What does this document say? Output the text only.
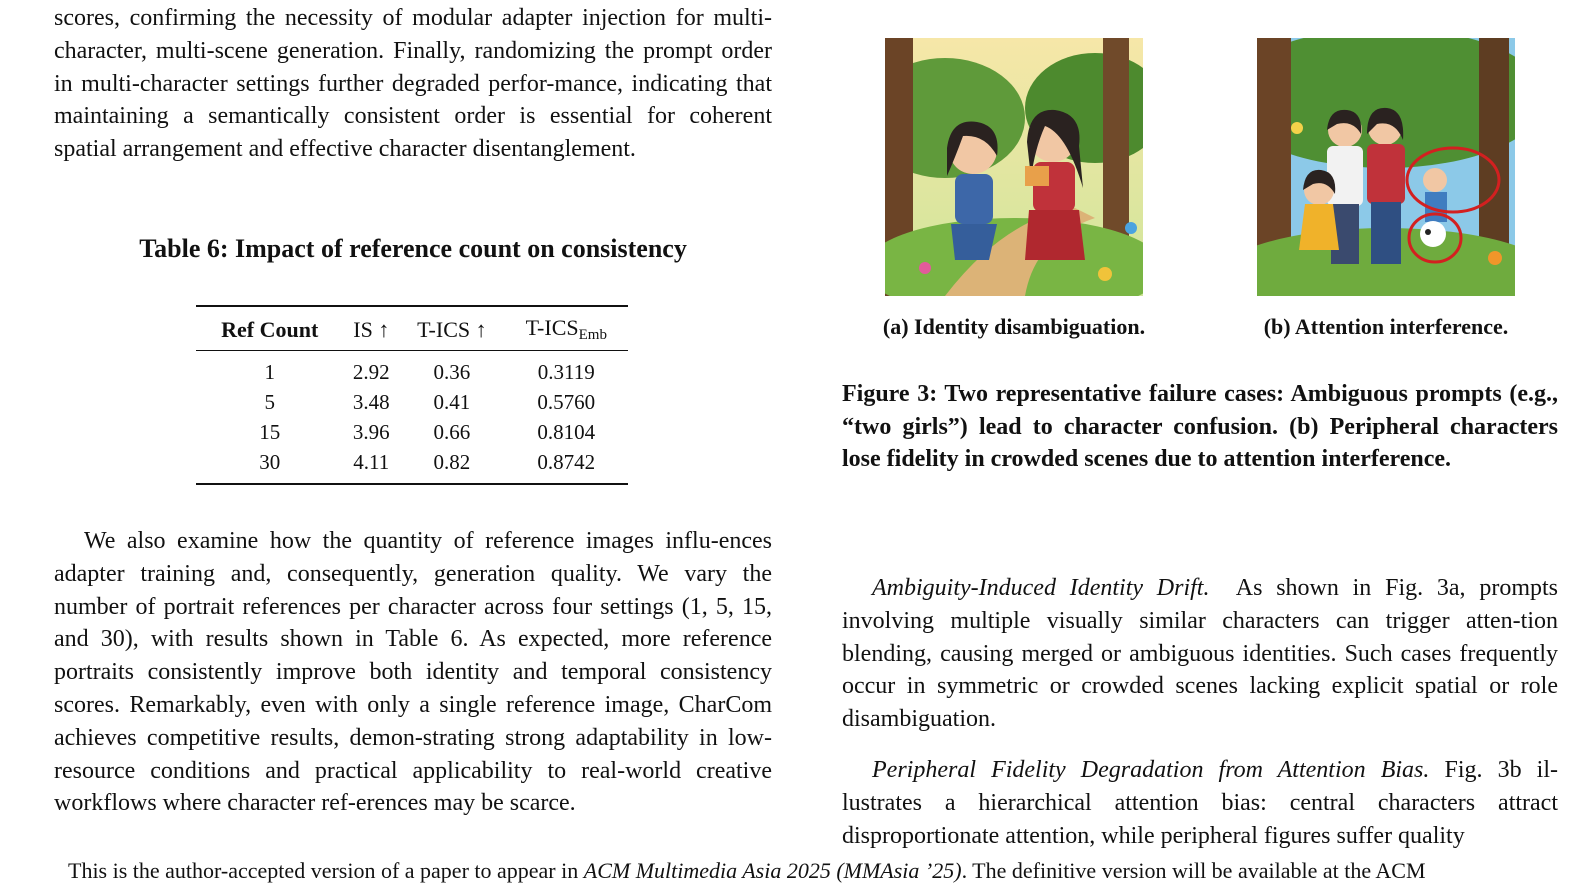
scores, confirming the necessity of modular adapter injection for multi-character, multi-scene generation. Finally, randomizing the prompt order in multi-character settings further degraded perfor-mance, indicating that maintaining a semantically consistent order is essential for coherent spatial arrangement and effective character disentanglement.

Table 6: Impact of reference count on consistency
Ref Count	IS ↑	T-ICS ↑	$T-ICS_{Emb}$
1	2.92	0.36	0.3119
5	3.48	0.41	0.5760
15	3.96	0.66	0.8104
30	4.11	0.82	0.8742

We also examine how the quantity of reference images influ-ences adapter training and, consequently, generation quality. We vary the number of portrait references per character across four settings (1, 5, 15, and 30), with results shown in Table 6. As expected, more reference portraits consistently improve both identity and temporal consistency scores. Remarkably, even with only a single reference image, CharCom achieves competitive results, demon-strating strong adaptability in low-resource conditions and practical applicability to real-world creative workflows where character ref-erences may be scarce.

(a) Identity disambiguation.	(b) Attention interference.
Figure 3: Two representative failure cases: Ambiguous prompts (e.g., “two girls”) lead to character confusion. (b) Peripheral characters lose fidelity in crowded scenes due to attention interference.

Ambiguity-Induced Identity Drift. As shown in Fig. 3a, prompts involving multiple visually similar characters can trigger atten-tion blending, causing merged or ambiguous identities. Such cases frequently occur in symmetric or crowded scenes lacking explicit spatial or role disambiguation.

Peripheral Fidelity Degradation from Attention Bias. Fig. 3b il-lustrates a hierarchical attention bias: central characters attract disproportionate attention, while peripheral figures suffer quality

This is the author-accepted version of a paper to appear in ACM Multimedia Asia 2025 (MMAsia ’25). The definitive version will be available at the ACM
